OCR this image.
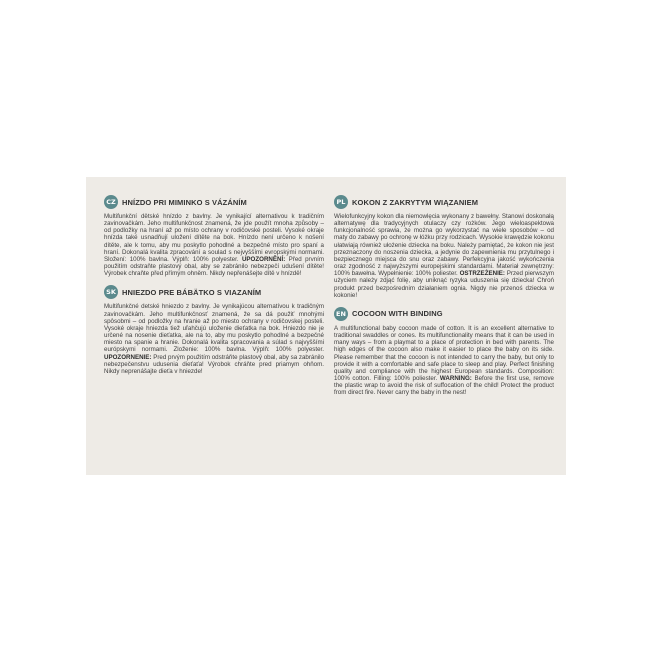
CZ HNÍZDO PRI MIMINKO S VÁZÁNÍM

Multifunkční dětské hnízdo z bavlny. Je vynikající alternativou k tradičním zavinovačkám. Jeho multifunkčnost znamená, že jde použít mnoha způsoby – od podložky na hraní až po místo ochrany v rodičovské posteli. Vysoké okraje hnízda také usnadňují uložení dítěte na bok. Hnízdo není určeno k nošení dítěte, ale k tomu, aby mu poskytlo pohodlné a bezpečné místo pro spaní a hraní. Dokonalá kvalita zpracování a soulad s nejvyššími evropskými normami. Složení: 100% bavlna. Výplň: 100% polyester. UPOZORNĚNÍ: Před prvním použitím odstraňte plastový obal, aby se zabránilo nebezpečí udušení dítěte! Výrobek chraňte před přímým ohněm. Nikdy nepřenášejte dítě v hnízdě!

SK HNIEZDO PRE BÁBÄTKO S VIAZANÍM

Multifunkčné detské hniezdo z bavlny. Je vynikajúcou alternatívou k tradičným zavinovačkám. Jeho multifunkčnosť znamená, že sa dá použiť mnohými spôsobmi – od podložky na hranie až po miesto ochrany v rodičovskej posteli. Vysoké okraje hniezda tiež uľahčujú uloženie dieťatka na bok. Hniezdo nie je určené na nosenie dieťatka, ale na to, aby mu poskytlo pohodlné a bezpečné miesto na spanie a hranie. Dokonalá kvalita spracovania a súlad s najvyššími európskymi normami. Zloženie: 100% bavlna. Výplň: 100% polyester. UPOZORNENIE: Pred prvým použitím odstráňte plastový obal, aby sa zabránilo nebezpečenstvu udusenia dieťaťa! Výrobok chráňte pred priamym ohňom. Nikdy neprenášajte dieťa v hniezde!

PL KOKON Z ZAKRYTYM WIĄZANIEM

Wielofunkcyjny kokon dla niemowlęcia wykonany z bawełny. Stanowi doskonałą alternatywę dla tradycyjnych otulaczy czy rożków. Jego wieloaspektowa funkcjonalność sprawia, że można go wykorzystać na wiele sposobów – od maty do zabawy po ochronę w łóżku przy rodzicach. Wysokie krawędzie kokonu ułatwiają również ułożenie dziecka na boku. Należy pamiętać, że kokon nie jest przeznaczony do noszenia dziecka, a jedynie do zapewnienia mu przytulnego i bezpiecznego miejsca do snu oraz zabawy. Perfekcyjna jakość wykończenia oraz zgodność z najwyższymi europejskimi standardami. Materiał zewnętrzny: 100% bawełna. Wypełnienie: 100% poliester. OSTRZEŻENIE: Przed pierwszym użyciem należy zdjąć folię, aby uniknąć ryzyka uduszenia się dziecka! Chroń produkt przed bezpośrednim działaniem ognia. Nigdy nie przenoś dziecka w kokonie!

EN COCOON WITH BINDING

A multifunctional baby cocoon made of cotton. It is an excellent alternative to traditional swaddles or cones. Its multifunctionality means that it can be used in many ways – from a playmat to a place of protection in bed with parents. The high edges of the cocoon also make it easier to place the baby on its side. Please remember that the cocoon is not intended to carry the baby, but only to provide it with a comfortable and safe place to sleep and play. Perfect finishing quality and compliance with the highest European standards. Composition: 100% cotton. Filling: 100% poliester. WARNING: Before the first use, remove the plastic wrap to avoid the risk of suffocation of the child! Protect the product from direct fire. Never carry the baby in the nest!
